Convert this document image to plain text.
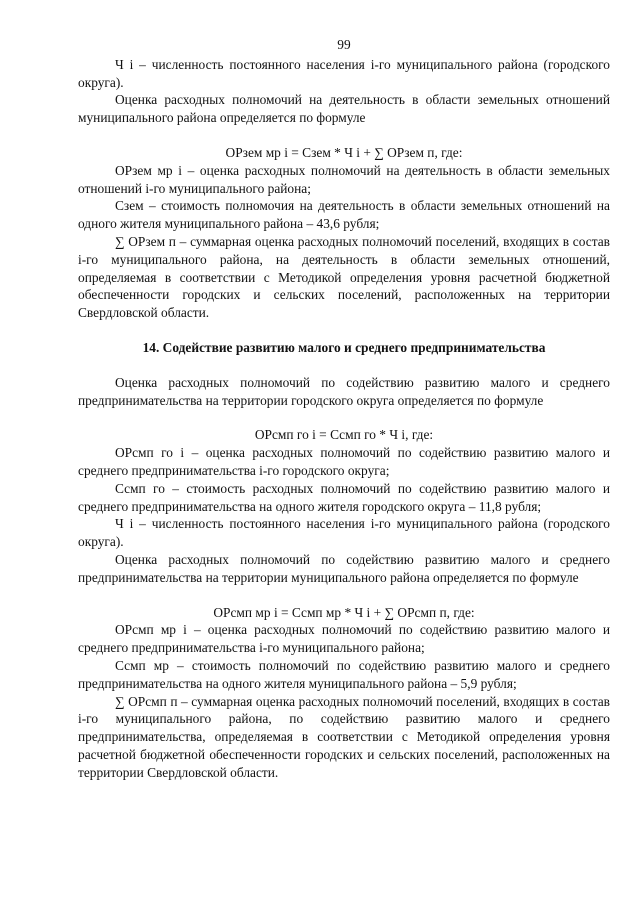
99

Ч i – численность постоянного населения i-го муниципального района (городского округа).

Оценка расходных полномочий на деятельность в области земельных отношений муниципального района определяется по формуле

ОРзем мр i = Сзем * Ч i + ∑ ОРзем п, где:

ОРзем мр i – оценка расходных полномочий на деятельность в области земельных отношений i-го муниципального района;

Сзем – стоимость полномочия на деятельность в области земельных отношений на одного жителя муниципального района – 43,6 рубля;

∑ ОРзем п – суммарная оценка расходных полномочий поселений, входящих в состав i-го муниципального района, на деятельность в области земельных отношений, определяемая в соответствии с Методикой определения уровня расчетной бюджетной обеспеченности городских и сельских поселений, расположенных на территории Свердловской области.

14. Содействие развитию малого и среднего предпринимательства

Оценка расходных полномочий по содействию развитию малого и среднего предпринимательства на территории городского округа определяется по формуле

ОРсмп го i = Ссмп го * Ч i, где:

ОРсмп го i – оценка расходных полномочий по содействию развитию малого и среднего предпринимательства i-го городского округа;

Ссмп го – стоимость расходных полномочий по содействию развитию малого и среднего предпринимательства на одного жителя городского округа – 11,8 рубля;

Ч i – численность постоянного населения i-го муниципального района (городского округа).

Оценка расходных полномочий по содействию развитию малого и среднего предпринимательства на территории муниципального района определяется по формуле

ОРсмп мр i = Ссмп мр * Ч i + ∑ ОРсмп п, где:

ОРсмп мр i – оценка расходных полномочий по содействию развитию малого и среднего предпринимательства i-го муниципального района;

Ссмп мр – стоимость полномочий по содействию развитию малого и среднего предпринимательства на одного жителя муниципального района – 5,9 рубля;

∑ ОРсмп п – суммарная оценка расходных полномочий поселений, входящих в состав i-го муниципального района, по содействию развитию малого и среднего предпринимательства, определяемая в соответствии с Методикой определения уровня расчетной бюджетной обеспеченности городских и сельских поселений, расположенных на территории Свердловской области.
